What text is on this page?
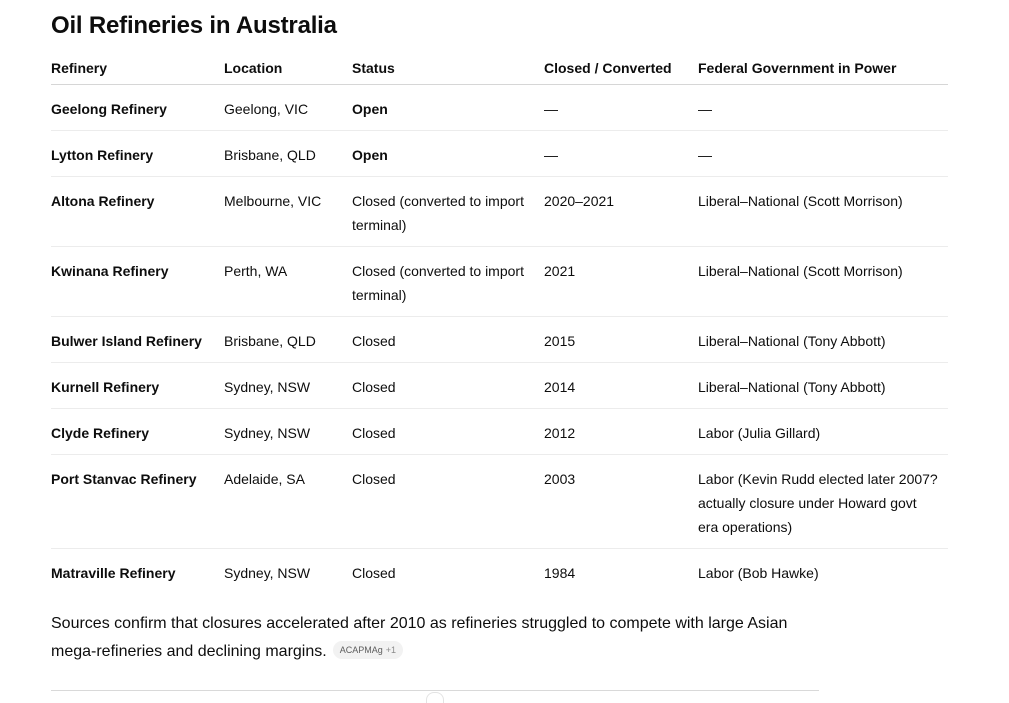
Oil Refineries in Australia
Refinery	Location	Status	Closed / Converted	Federal Government in Power
Geelong Refinery	Geelong, VIC	Open	—	—
Lytton Refinery	Brisbane, QLD	Open	—	—
Altona Refinery	Melbourne, VIC	Closed (converted to import terminal)	2020–2021	Liberal–National (Scott Morrison)
Kwinana Refinery	Perth, WA	Closed (converted to import terminal)	2021	Liberal–National (Scott Morrison)
Bulwer Island Refinery	Brisbane, QLD	Closed	2015	Liberal–National (Tony Abbott)
Kurnell Refinery	Sydney, NSW	Closed	2014	Liberal–National (Tony Abbott)
Clyde Refinery	Sydney, NSW	Closed	2012	Labor (Julia Gillard)
Port Stanvac Refinery	Adelaide, SA	Closed	2003	Labor (Kevin Rudd elected later 2007? actually closure under Howard govt era operations)
Matraville Refinery	Sydney, NSW	Closed	1984	Labor (Bob Hawke)

Sources confirm that closures accelerated after 2010 as refineries struggled to compete with large Asian mega-refineries and declining margins. ACAPMAg +1
